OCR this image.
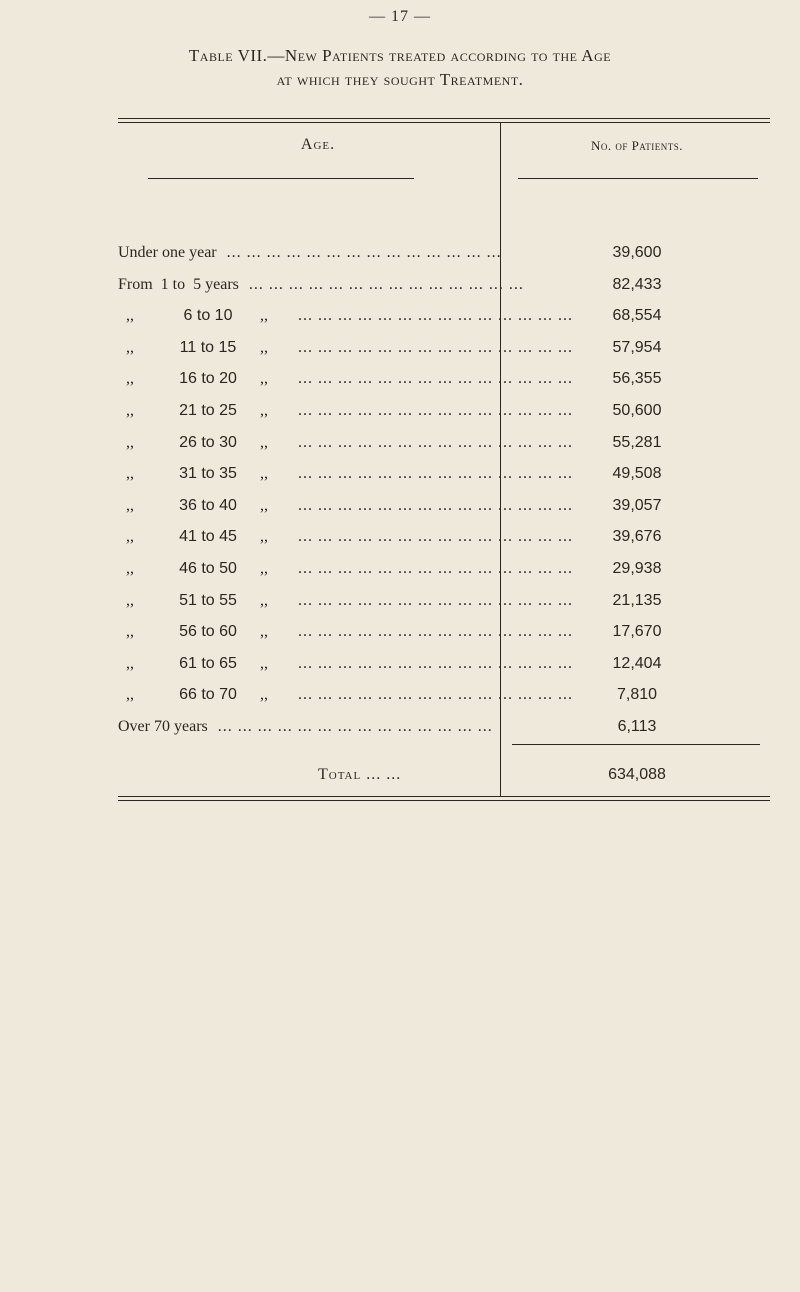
— 17 —
Table VII.—New Patients treated according to the Age
at which they sought Treatment.
Age.	No. of Patients.
Under one year ... ... ... ... ... ... ... ... ... ... ... ... ... ...	39,600
From  1 to  5 years ... ... ... ... ... ... ... ... ... ... ... ... ... ...	82,433
,,	6 to 10 ,, ... ... ... ... ... ... ... ... ... ... ... ... ... ...	68,554
,,	11 to 15 ,, ... ... ... ... ... ... ... ... ... ... ... ... ... ...	57,954
,,	16 to 20 ,, ... ... ... ... ... ... ... ... ... ... ... ... ... ...	56,355
,,	21 to 25 ,, ... ... ... ... ... ... ... ... ... ... ... ... ... ...	50,600
,,	26 to 30 ,, ... ... ... ... ... ... ... ... ... ... ... ... ... ...	55,281
,,	31 to 35 ,, ... ... ... ... ... ... ... ... ... ... ... ... ... ...	49,508
,,	36 to 40 ,, ... ... ... ... ... ... ... ... ... ... ... ... ... ...	39,057
,,	41 to 45 ,, ... ... ... ... ... ... ... ... ... ... ... ... ... ...	39,676
,,	46 to 50 ,, ... ... ... ... ... ... ... ... ... ... ... ... ... ...	29,938
,,	51 to 55 ,, ... ... ... ... ... ... ... ... ... ... ... ... ... ...	21,135
,,	56 to 60 ,, ... ... ... ... ... ... ... ... ... ... ... ... ... ...	17,670
,,	61 to 65 ,, ... ... ... ... ... ... ... ... ... ... ... ... ... ...	12,404
,,	66 to 70 ,, ... ... ... ... ... ... ... ... ... ... ... ... ... ...	7,810
Over 70 years ... ... ... ... ... ... ... ... ... ... ... ... ... ...	6,113
Total ... ...	634,088
